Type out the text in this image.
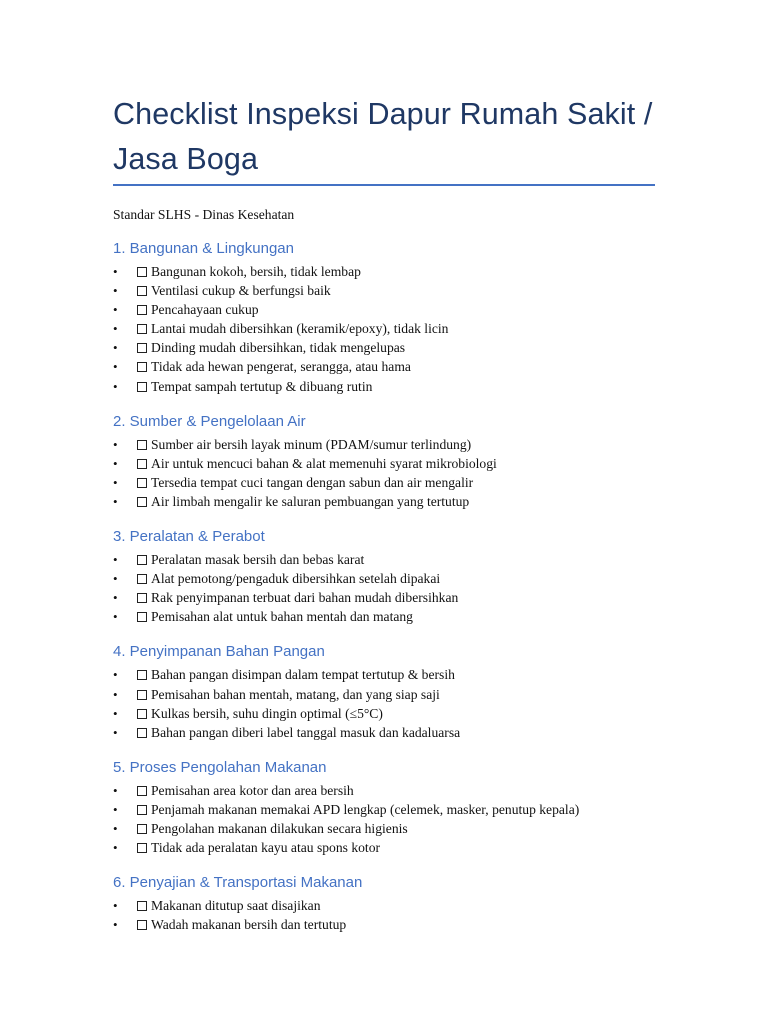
Checklist Inspeksi Dapur Rumah Sakit / Jasa Boga

Standar SLHS - Dinas Kesehatan

1. Bangunan & Lingkungan
• Bangunan kokoh, bersih, tidak lembap
• Ventilasi cukup & berfungsi baik
• Pencahayaan cukup
• Lantai mudah dibersihkan (keramik/epoxy), tidak licin
• Dinding mudah dibersihkan, tidak mengelupas
• Tidak ada hewan pengerat, serangga, atau hama
• Tempat sampah tertutup & dibuang rutin
2. Sumber & Pengelolaan Air
• Sumber air bersih layak minum (PDAM/sumur terlindung)
• Air untuk mencuci bahan & alat memenuhi syarat mikrobiologi
• Tersedia tempat cuci tangan dengan sabun dan air mengalir
• Air limbah mengalir ke saluran pembuangan yang tertutup
3. Peralatan & Perabot
• Peralatan masak bersih dan bebas karat
• Alat pemotong/pengaduk dibersihkan setelah dipakai
• Rak penyimpanan terbuat dari bahan mudah dibersihkan
• Pemisahan alat untuk bahan mentah dan matang
4. Penyimpanan Bahan Pangan
• Bahan pangan disimpan dalam tempat tertutup & bersih
• Pemisahan bahan mentah, matang, dan yang siap saji
• Kulkas bersih, suhu dingin optimal (≤5°C)
• Bahan pangan diberi label tanggal masuk dan kadaluarsa
5. Proses Pengolahan Makanan
• Pemisahan area kotor dan area bersih
• Penjamah makanan memakai APD lengkap (celemek, masker, penutup kepala)
• Pengolahan makanan dilakukan secara higienis
• Tidak ada peralatan kayu atau spons kotor
6. Penyajian & Transportasi Makanan
• Makanan ditutup saat disajikan
• Wadah makanan bersih dan tertutup
